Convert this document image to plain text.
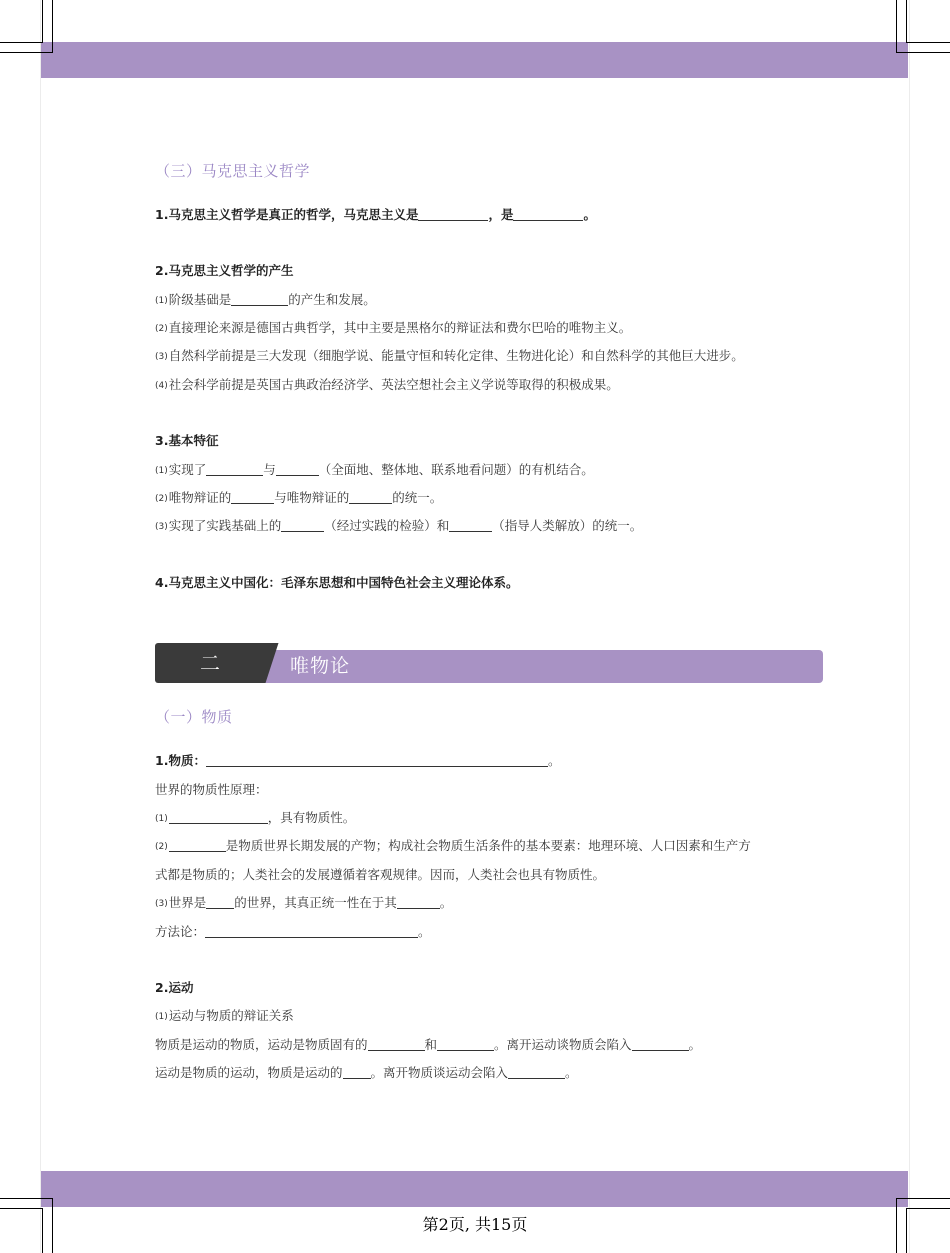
（三）马克思主义哲学
1.马克思主义哲学是真正的哲学，马克思主义是	，是	。
2.马克思主义哲学的产生
(1)阶级基础是	的产生和发展。
(2)直接理论来源是德国古典哲学，其中主要是黑格尔的辩证法和费尔巴哈的唯物主义。
(3)自然科学前提是三大发现（细胞学说、能量守恒和转化定律、生物进化论）和自然科学的其他巨大进步。
(4)社会科学前提是英国古典政治经济学、英法空想社会主义学说等取得的积极成果。
3.基本特征
(1)实现了	与	（全面地、整体地、联系地看问题）的有机结合。
(2)唯物辩证的	与唯物辩证的	的统一。
(3)实现了实践基础上的	（经过实践的检验）和	（指导人类解放）的统一。
4.马克思主义中国化：毛泽东思想和中国特色社会主义理论体系。
（一）物质
1.物质：	。
世界的物质性原理：
(1)	，具有物质性。
(2)	是物质世界长期发展的产物；构成社会物质生活条件的基本要素：地理环境、人口因素和生产方
式都是物质的；人类社会的发展遵循着客观规律。因而，人类社会也具有物质性。
(3)世界是 的世界，其真正统一性在于其	。
方法论：	。
2.运动
(1)运动与物质的辩证关系
物质是运动的物质，运动是物质固有的	和	。离开运动谈物质会陷入	。
运动是物质的运动，物质是运动的 。离开物质谈运动会陷入	。
二	唯物论
第2页, 共15页
